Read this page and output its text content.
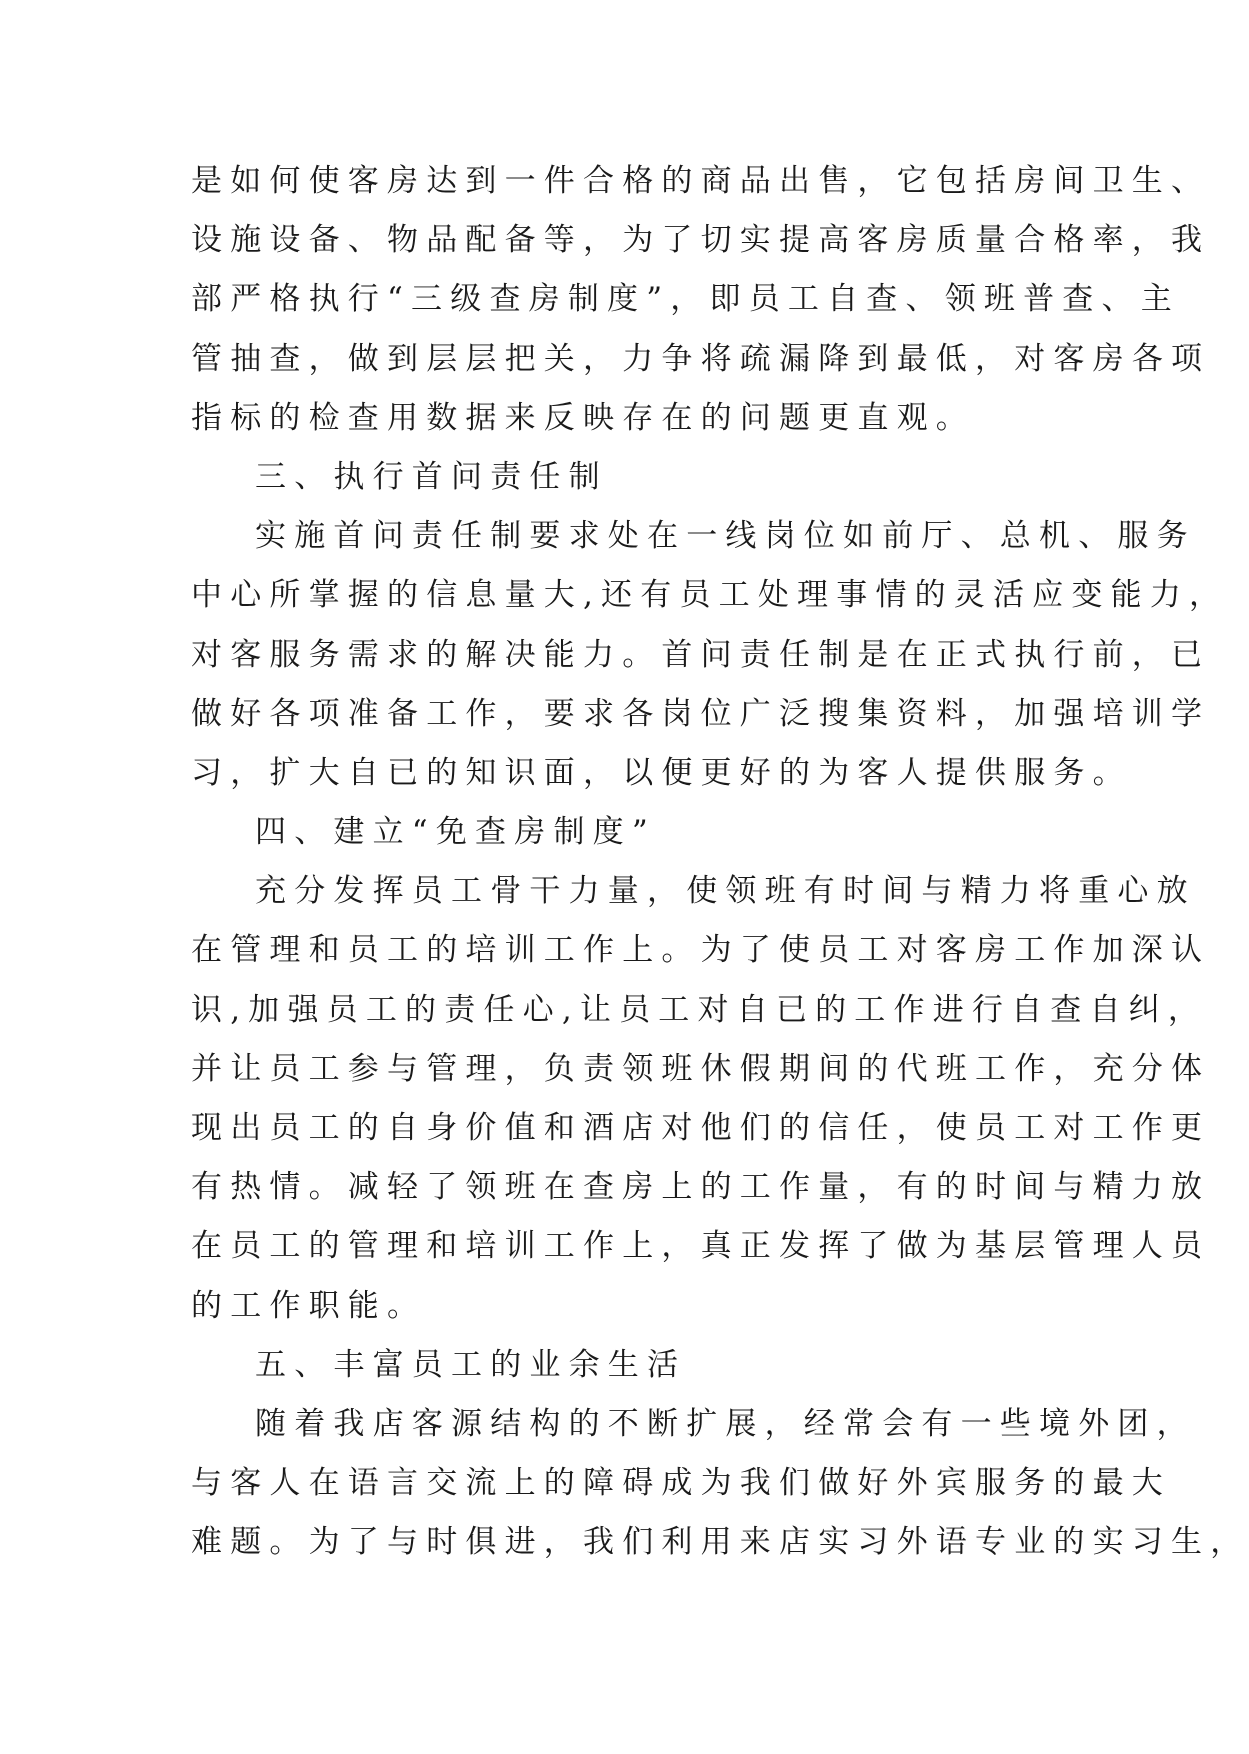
是如何使客房达到一件合格的商品出售，它包括房间卫生、
设施设备、物品配备等，为了切实提高客房质量合格率，我
部严格执行“三级查房制度”，即员工自查、领班普查、主
管抽查，做到层层把关，力争将疏漏降到最低，对客房各项
指标的检查用数据来反映存在的问题更直观。
三、执行首问责任制
实施首问责任制要求处在一线岗位如前厅、总机、服务
中心所掌握的信息量大,还有员工处理事情的灵活应变能力，
对客服务需求的解决能力。首问责任制是在正式执行前，已
做好各项准备工作，要求各岗位广泛搜集资料，加强培训学
习，扩大自已的知识面，以便更好的为客人提供服务。
四、建立“免查房制度”
充分发挥员工骨干力量，使领班有时间与精力将重心放
在管理和员工的培训工作上。为了使员工对客房工作加深认
识,加强员工的责任心,让员工对自已的工作进行自查自纠，
并让员工参与管理，负责领班休假期间的代班工作，充分体
现出员工的自身价值和酒店对他们的信任，使员工对工作更
有热情。减轻了领班在查房上的工作量，有的时间与精力放
在员工的管理和培训工作上，真正发挥了做为基层管理人员
的工作职能。
五、丰富员工的业余生活
随着我店客源结构的不断扩展，经常会有一些境外团，
与客人在语言交流上的障碍成为我们做好外宾服务的最大
难题。为了与时俱进，我们利用来店实习外语专业的实习生，
